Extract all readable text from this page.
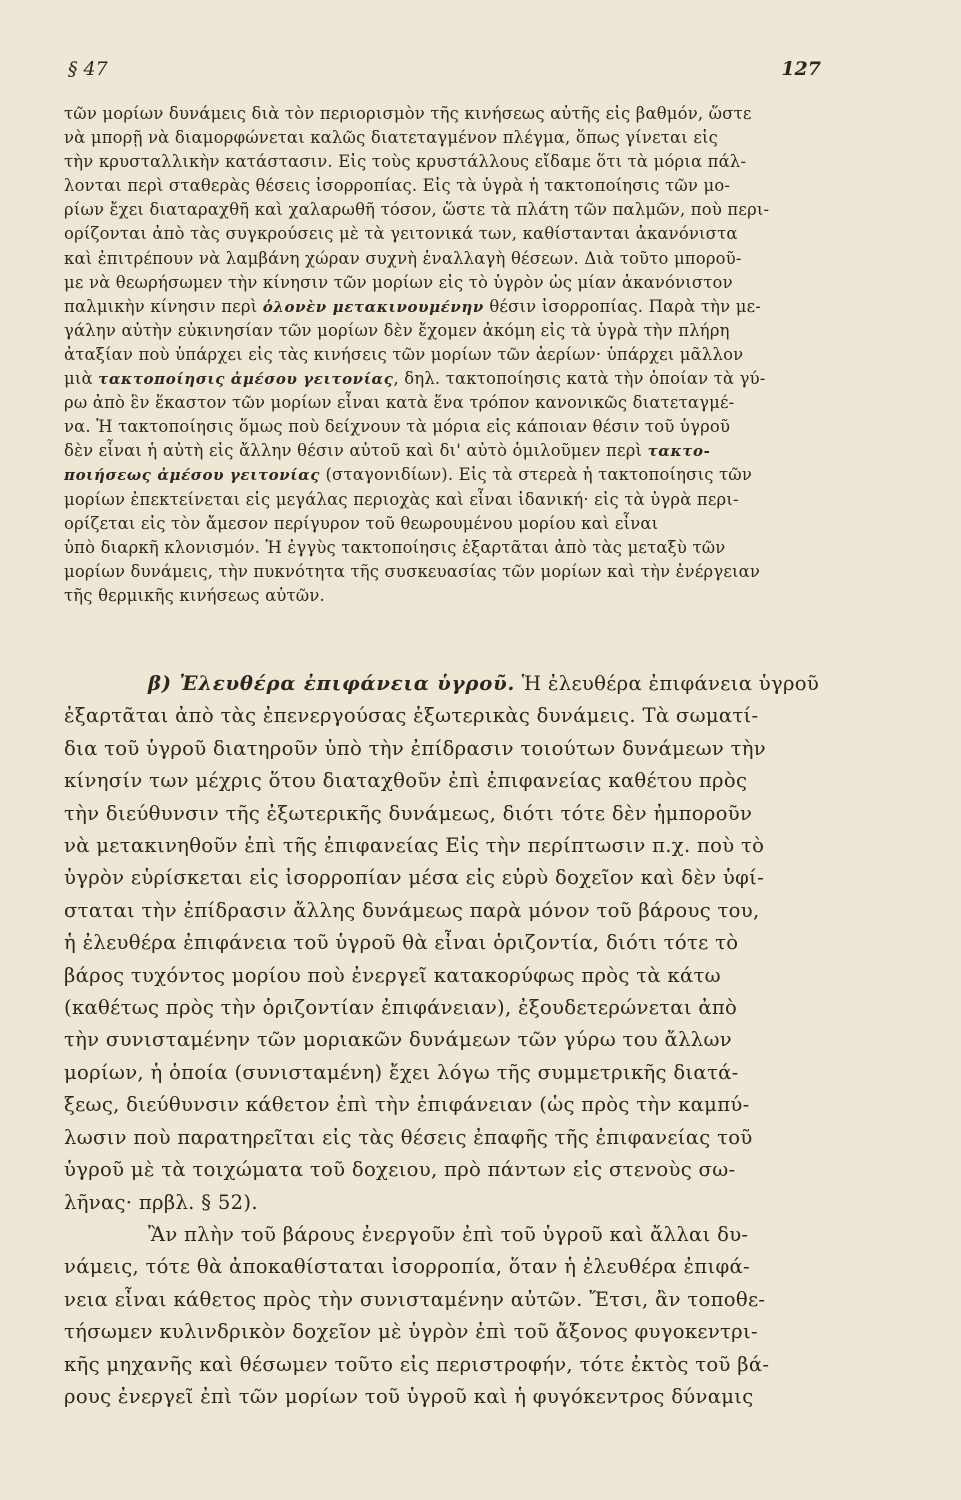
§ 47	127
τῶν μορίων δυνάμεις διὰ τὸν περιορισμὸν τῆς κινήσεως αὐτῆς εἰς βαθμόν, ὥστε
νὰ μπορῇ νὰ διαμορφώνεται καλῶς διατεταγμένον πλέγμα, ὅπως γίνεται εἰς
τὴν κρυσταλλικὴν κατάστασιν. Εἰς τοὺς κρυστάλλους εἴδαμε ὅτι τὰ μόρια πάλ-
λονται περὶ σταθερὰς θέσεις ἰσορροπίας. Εἰς τὰ ὑγρὰ ἡ τακτοποίησις τῶν μο-
ρίων ἔχει διαταραχθῆ καὶ χαλαρωθῆ τόσον, ὥστε τὰ πλάτη τῶν παλμῶν, ποὺ περι-
ορίζονται ἀπὸ τὰς συγκρούσεις μὲ τὰ γειτονικά των, καθίστανται ἀκανόνιστα
καὶ ἐπιτρέπουν νὰ λαμβάνη χώραν συχνὴ ἐναλλαγὴ θέσεων. Διὰ τοῦτο μποροῦ-
με νὰ θεωρήσωμεν τὴν κίνησιν τῶν μορίων εἰς τὸ ὑγρὸν ὡς μίαν ἀκανόνιστον
παλμικὴν κίνησιν περὶ ὁλονὲν μετακινουμένην θέσιν ἰσορροπίας. Παρὰ τὴν με-
γάλην αὐτὴν εὐκινησίαν τῶν μορίων δὲν ἔχομεν ἀκόμη εἰς τὰ ὑγρὰ τὴν πλήρη
ἀταξίαν ποὺ ὑπάρχει εἰς τὰς κινήσεις τῶν μορίων τῶν ἀερίων· ὑπάρχει μᾶλλον
μιὰ τακτοποίησις ἀμέσου γειτονίας, δηλ. τακτοποίησις κατὰ τὴν ὁποίαν τὰ γύ-
ρω ἀπὸ ἓν ἕκαστον τῶν μορίων εἶναι κατὰ ἕνα τρόπον κανονικῶς διατεταγμέ-
να. Ἡ τακτοποίησις ὅμως ποὺ δείχνουν τὰ μόρια εἰς κάποιαν θέσιν τοῦ ὑγροῦ
δὲν εἶναι ἡ αὐτὴ εἰς ἄλλην θέσιν αὐτοῦ καὶ δι' αὐτὸ ὁμιλοῦμεν περὶ τακτο-
ποιήσεως ἀμέσου γειτονίας (σταγονιδίων). Εἰς τὰ στερεὰ ἡ τακτοποίησις τῶν
μορίων ἐπεκτείνεται εἰς μεγάλας περιοχὰς καὶ εἶναι ἰδανική· εἰς τὰ ὑγρὰ περι-
ορίζεται εἰς τὸν ἄμεσον περίγυρον τοῦ θεωρουμένου μορίου καὶ εἶναι
ὑπὸ διαρκῆ κλονισμόν. Ἡ ἐγγὺς τακτοποίησις ἐξαρτᾶται ἀπὸ τὰς μεταξὺ τῶν
μορίων δυνάμεις, τὴν πυκνότητα τῆς συσκευασίας τῶν μορίων καὶ τὴν ἐνέργειαν
τῆς θερμικῆς κινήσεως αὐτῶν.
β) Ἐλευθέρα ἐπιφάνεια ὑγροῦ. Ἡ ἐλευθέρα ἐπιφάνεια ὑγροῦ
ἐξαρτᾶται ἀπὸ τὰς ἐπενεργούσας ἐξωτερικὰς δυνάμεις. Τὰ σωματί-
δια τοῦ ὑγροῦ διατηροῦν ὑπὸ τὴν ἐπίδρασιν τοιούτων δυνάμεων τὴν
κίνησίν των μέχρις ὅτου διαταχθοῦν ἐπὶ ἐπιφανείας καθέτου πρὸς
τὴν διεύθυνσιν τῆς ἐξωτερικῆς δυνάμεως, διότι τότε δὲν ἠμποροῦν
νὰ μετακινηθοῦν ἐπὶ τῆς ἐπιφανείας Εἰς τὴν περίπτωσιν π.χ. ποὺ τὸ
ὑγρὸν εὑρίσκεται εἰς ἰσορροπίαν μέσα εἰς εὐρὺ δοχεῖον καὶ δὲν ὑφί-
σταται τὴν ἐπίδρασιν ἄλλης δυνάμεως παρὰ μόνον τοῦ βάρους του,
ἡ ἐλευθέρα ἐπιφάνεια τοῦ ὑγροῦ θὰ εἶναι ὁριζοντία, διότι τότε τὸ
βάρος τυχόντος μορίου ποὺ ἐνεργεῖ κατακορύφως πρὸς τὰ κάτω
(καθέτως πρὸς τὴν ὁριζοντίαν ἐπιφάνειαν), ἐξουδετερώνεται ἀπὸ
τὴν συνισταμένην τῶν μοριακῶν δυνάμεων τῶν γύρω του ἄλλων
μορίων, ἡ ὁποία (συνισταμένη) ἔχει λόγω τῆς συμμετρικῆς διατά-
ξεως, διεύθυνσιν κάθετον ἐπὶ τὴν ἐπιφάνειαν (ὡς πρὸς τὴν καμπύ-
λωσιν ποὺ παρατηρεῖται εἰς τὰς θέσεις ἐπαφῆς τῆς ἐπιφανείας τοῦ
ὑγροῦ μὲ τὰ τοιχώματα τοῦ δοχειου, πρὸ πάντων εἰς στενοὺς σω-
λῆνας· πρβλ. § 52).
Ἂν πλὴν τοῦ βάρους ἐνεργοῦν ἐπὶ τοῦ ὑγροῦ καὶ ἄλλαι δυ-
νάμεις, τότε θὰ ἀποκαθίσταται ἰσορροπία, ὅταν ἡ ἐλευθέρα ἐπιφά-
νεια εἶναι κάθετος πρὸς τὴν συνισταμένην αὐτῶν. Ἔτσι, ἂν τοποθε-
τήσωμεν κυλινδρικὸν δοχεῖον μὲ ὑγρὸν ἐπὶ τοῦ ἄξονος φυγοκεντρι-
κῆς μηχανῆς καὶ θέσωμεν τοῦτο εἰς περιστροφήν, τότε ἐκτὸς τοῦ βά-
ρους ἐνεργεῖ ἐπὶ τῶν μορίων τοῦ ὑγροῦ καὶ ἡ φυγόκεντρος δύναμις
